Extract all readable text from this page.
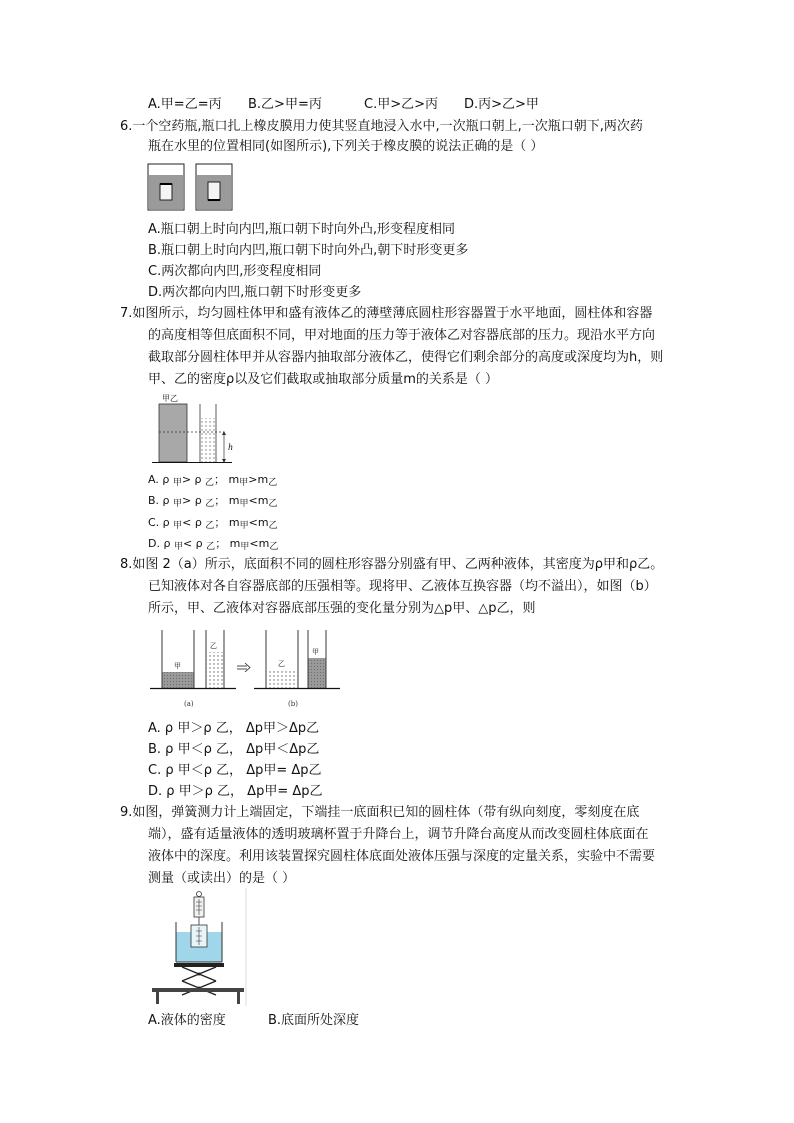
A.甲=乙=丙 B.乙>甲=丙	C.甲>乙>丙 D.丙>乙>甲
6.一个空药瓶,瓶口扎上橡皮膜用力使其竖直地浸入水中,一次瓶口朝上,一次瓶口朝下,两次药
瓶在水里的位置相同(如图所示),下列关于橡皮膜的说法正确的是（ ）
A.瓶口朝上时向内凹,瓶口朝下时向外凸,形变程度相同
B.瓶口朝上时向内凹,瓶口朝下时向外凸,朝下时形变更多
C.两次都向内凹,形变程度相同
D.两次都向内凹,瓶口朝下时形变更多
7.如图所示，均匀圆柱体甲和盛有液体乙的薄壁薄底圆柱形容器置于水平地面，圆柱体和容器
的高度相等但底面积不同，甲对地面的压力等于液体乙对容器底部的压力。现沿水平方向
截取部分圆柱体甲并从容器内抽取部分液体乙，使得它们剩余部分的高度或深度均为h，则
甲、乙的密度ρ以及它们截取或抽取部分质量m的关系是（ ）
甲 乙
h
A. ρ $_甲$> ρ $_乙$； $m_甲>m_乙$
B. ρ $_甲$> ρ $_乙$； $m_甲<m_乙$
C. ρ $_甲$< ρ $_乙$； $m_甲<m_乙$
D. ρ $_甲$< ρ $_乙$； $m_甲<m_乙$
8.如图 2（a）所示，底面积不同的圆柱形容器分别盛有甲、乙两种液体，其密度为ρ甲和ρ乙。
已知液体对各自容器底部的压强相等。现将甲、乙液体互换容器（均不溢出），如图（b）
所示，甲、乙液体对容器底部压强的变化量分别为△p甲、△p乙，则
甲
乙
(a)
乙
甲
(b)
A. ρ 甲＞ρ 乙， Δp甲＞Δp乙
B. ρ 甲＜ρ 乙， Δp甲＜Δp乙
C. ρ 甲＜ρ 乙， Δp甲= Δp乙
D. ρ 甲＞ρ 乙， Δp甲= Δp乙
9.如图，弹簧测力计上端固定，下端挂一底面积已知的圆柱体（带有纵向刻度，零刻度在底
端），盛有适量液体的透明玻璃杯置于升降台上，调节升降台高度从而改变圆柱体底面在
液体中的深度。利用该装置探究圆柱体底面处液体压强与深度的定量关系，实验中不需要
测量（或读出）的是（ ）
A.液体的密度	B.底面所处深度
